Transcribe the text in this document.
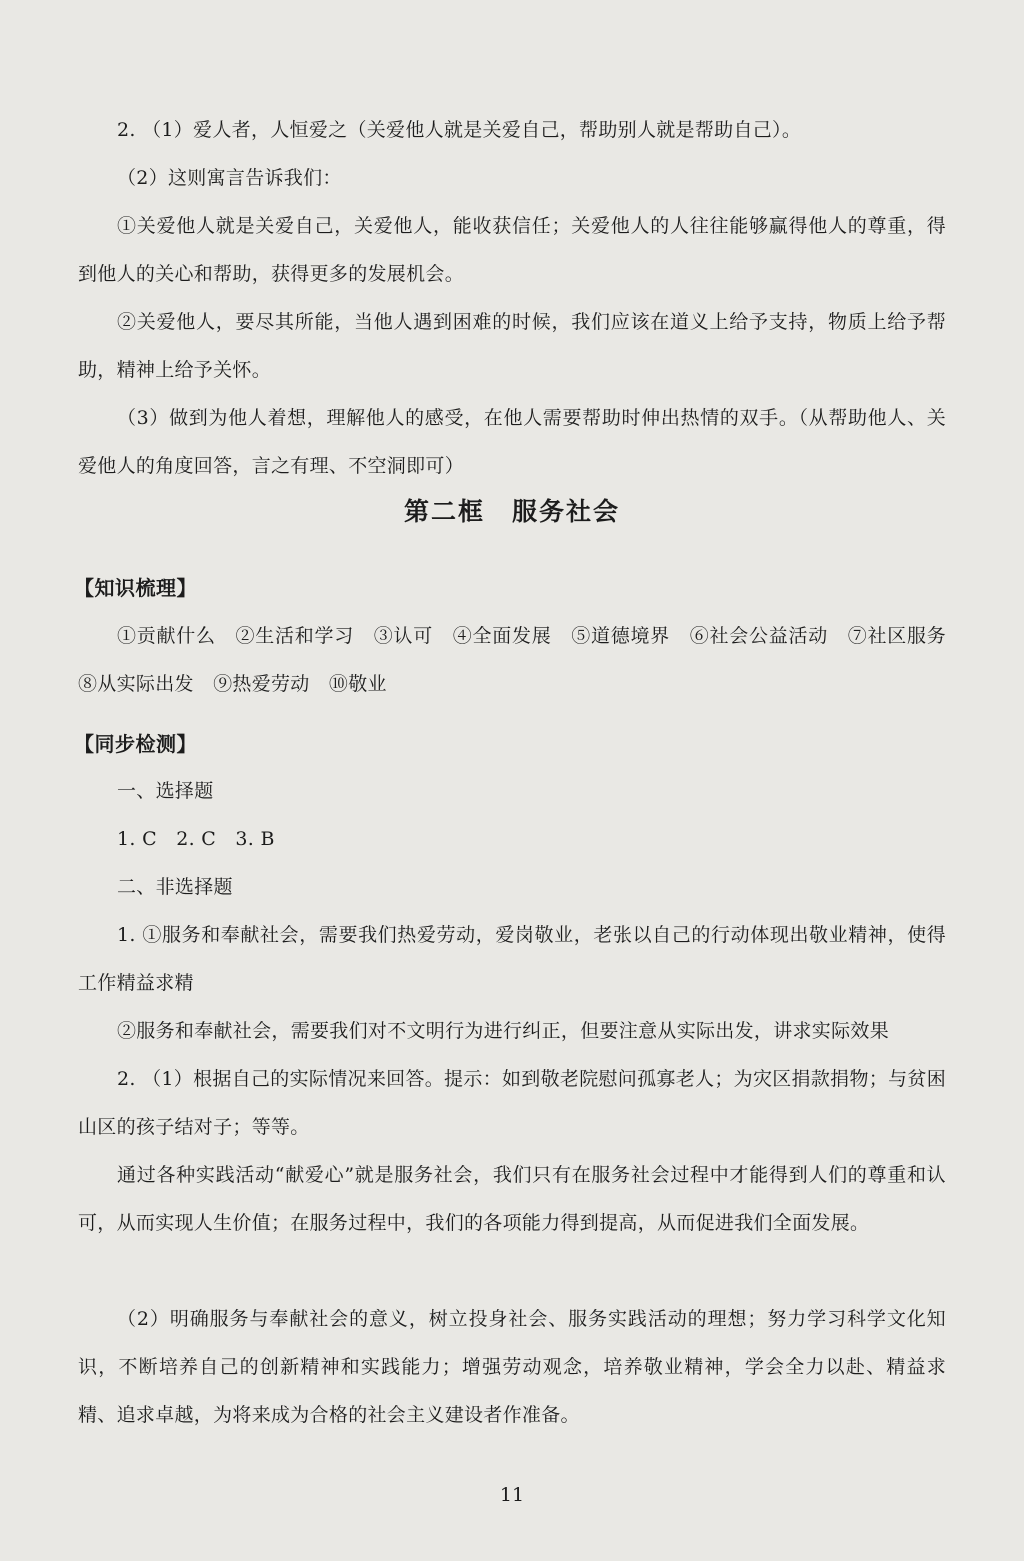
2. （1）爱人者，人恒爱之（关爱他人就是关爱自己，帮助别人就是帮助自己）。

（2）这则寓言告诉我们：

①关爱他人就是关爱自己，关爱他人，能收获信任；关爱他人的人往往能够赢得他人的尊重，得到他人的关心和帮助，获得更多的发展机会。

②关爱他人，要尽其所能，当他人遇到困难的时候，我们应该在道义上给予支持，物质上给予帮助，精神上给予关怀。

（3）做到为他人着想，理解他人的感受，在他人需要帮助时伸出热情的双手。（从帮助他人、关爱他人的角度回答，言之有理、不空洞即可）

第二框　服务社会
【知识梳理】

①贡献什么　②生活和学习　③认可　④全面发展　⑤道德境界　⑥社会公益活动　⑦社区服务　⑧从实际出发　⑨热爱劳动　⑩敬业

【同步检测】

一、选择题

1. C　2. C　3. B

二、非选择题

1. ①服务和奉献社会，需要我们热爱劳动，爱岗敬业，老张以自己的行动体现出敬业精神，使得工作精益求精

②服务和奉献社会，需要我们对不文明行为进行纠正，但要注意从实际出发，讲求实际效果

2. （1）根据自己的实际情况来回答。提示：如到敬老院慰问孤寡老人；为灾区捐款捐物；与贫困山区的孩子结对子；等等。

通过各种实践活动“献爱心”就是服务社会，我们只有在服务社会过程中才能得到人们的尊重和认可，从而实现人生价值；在服务过程中，我们的各项能力得到提高，从而促进我们全面发展。

（2）明确服务与奉献社会的意义，树立投身社会、服务实践活动的理想；努力学习科学文化知识，不断培养自己的创新精神和实践能力；增强劳动观念，培养敬业精神，学会全力以赴、精益求精、追求卓越，为将来成为合格的社会主义建设者作准备。

11
